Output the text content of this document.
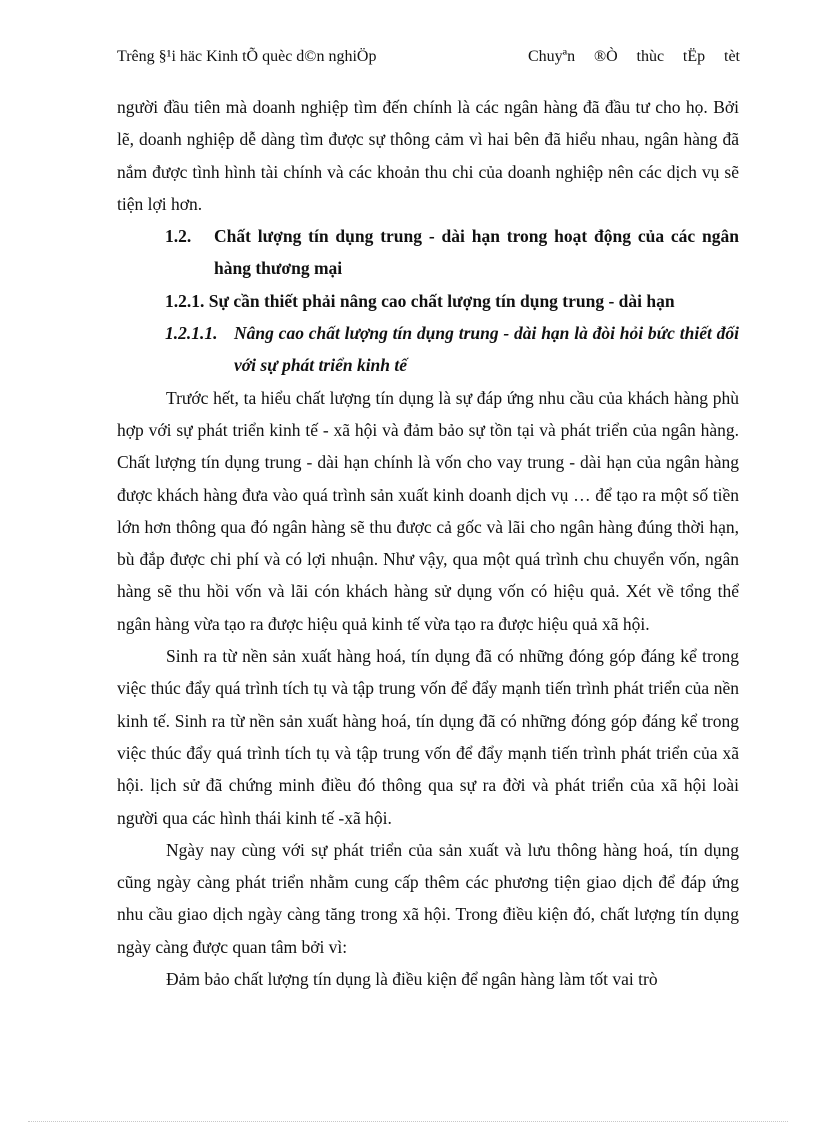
Trêng §¹i häc Kinh tÕ quèc d©n nghiÖp	Chuyªn ®Ò thùc tËp tèt

người đầu tiên mà doanh nghiệp tìm đến chính là các ngân hàng đã đầu tư cho họ. Bởi lẽ, doanh nghiệp dễ dàng tìm được sự thông cảm vì hai bên đã hiểu nhau, ngân hàng đã nắm được tình hình tài chính và các khoản thu chi của doanh nghiệp nên các dịch vụ sẽ tiện lợi hơn.

1.2. Chất lượng tín dụng trung - dài hạn trong hoạt động của các ngân hàng thương mại

1.2.1. Sự cần thiết phải nâng cao chất lượng tín dụng trung - dài hạn

1.2.1.1. Nâng cao chất lượng tín dụng trung - dài hạn là đòi hỏi bức thiết đối với sự phát triển kinh tế

Trước hết, ta hiểu chất lượng tín dụng là sự đáp ứng nhu cầu của khách hàng phù hợp với sự phát triển kinh tế - xã hội và đảm bảo sự tồn tại và phát triển của ngân hàng. Chất lượng tín dụng trung - dài hạn chính là vốn cho vay trung - dài hạn của ngân hàng được khách hàng đưa vào quá trình sản xuất kinh doanh dịch vụ … để tạo ra một số tiền lớn hơn thông qua đó ngân hàng sẽ thu được cả gốc và lãi cho ngân hàng đúng thời hạn, bù đắp được chi phí và có lợi nhuận. Như vậy, qua một quá trình chu chuyển vốn, ngân hàng sẽ thu hồi vốn và lãi cón khách hàng sử dụng vốn có hiệu quả. Xét về tổng thể ngân hàng vừa tạo ra được hiệu quả kinh tế vừa tạo ra được hiệu quả xã hội.

Sinh ra từ nền sản xuất hàng hoá, tín dụng đã có những đóng góp đáng kể trong việc thúc đẩy quá trình tích tụ và tập trung vốn để đẩy mạnh tiến trình phát triển của nền kinh tế. Sinh ra từ nền sản xuất hàng hoá, tín dụng đã có những đóng góp đáng kể trong việc thúc đẩy quá trình tích tụ và tập trung vốn để đẩy mạnh tiến trình phát triển của xã hội. lịch sử đã chứng minh điều đó thông qua sự ra đời và phát triển của xã hội loài người qua các hình thái kinh tế -xã hội.

Ngày nay cùng với sự phát triển của sản xuất và lưu thông hàng hoá, tín dụng cũng ngày càng phát triển nhằm cung cấp thêm các phương tiện giao dịch để đáp ứng nhu cầu giao dịch ngày càng tăng trong xã hội. Trong điều kiện đó, chất lượng tín dụng ngày càng được quan tâm bởi vì:

Đảm bảo chất lượng tín dụng là điều kiện để ngân hàng làm tốt vai trò
